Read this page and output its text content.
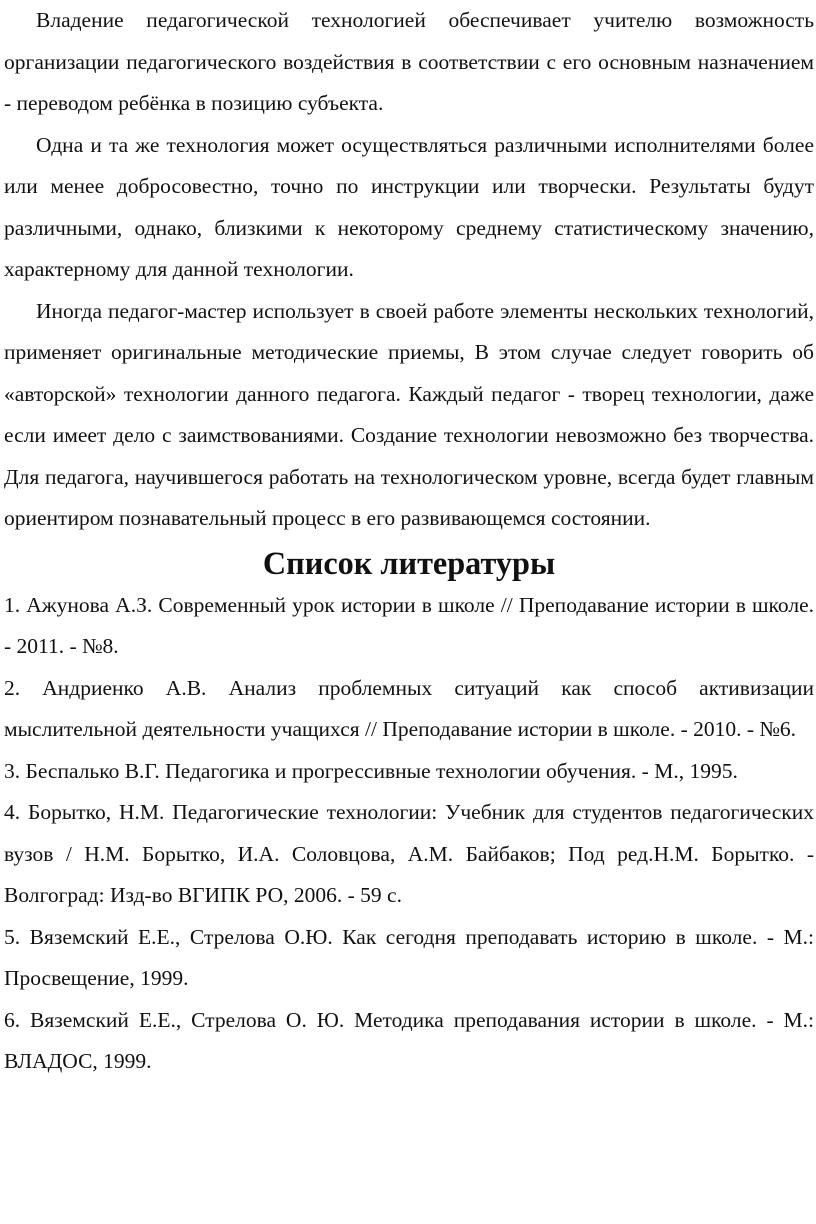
Владение педагогической технологией обеспечивает учителю возможность организации педагогического воздействия в соответствии с его основным назначением - переводом ребёнка в позицию субъекта.

Одна и та же технология может осуществляться различными исполнителями более или менее добросовестно, точно по инструкции или творчески. Результаты будут различными, однако, близкими к некоторому среднему статистическому значению, характерному для данной технологии.

Иногда педагог-мастер использует в своей работе элементы нескольких технологий, применяет оригинальные методические приемы, В этом случае следует говорить об «авторской» технологии данного педагога. Каждый педагог - творец технологии, даже если имеет дело с заимствованиями. Создание технологии невозможно без творчества. Для педагога, научившегося работать на технологическом уровне, всегда будет главным ориентиром познавательный процесс в его развивающемся состоянии.

Список литературы

1. Ажунова А.З. Современный урок истории в школе // Преподавание истории в школе. - 2011. - №8.

2. Андриенко А.В. Анализ проблемных ситуаций как способ активизации мыслительной деятельности учащихся // Преподавание истории в школе. - 2010. - №6.

3. Беспалько В.Г. Педагогика и прогрессивные технологии обучения. - М., 1995.

4. Борытко, Н.М. Педагогические технологии: Учебник для студентов педагогических вузов / Н.М. Борытко, И.А. Соловцова, А.М. Байбаков; Под ред.Н.М. Борытко. - Волгоград: Изд-во ВГИПК РО, 2006. - 59 с.

5. Вяземский Е.Е., Стрелова О.Ю. Как сегодня преподавать историю в школе. - М.: Просвещение, 1999.

6. Вяземский Е.Е., Стрелова О. Ю. Методика преподавания истории в школе. - М.: ВЛАДОС, 1999.
